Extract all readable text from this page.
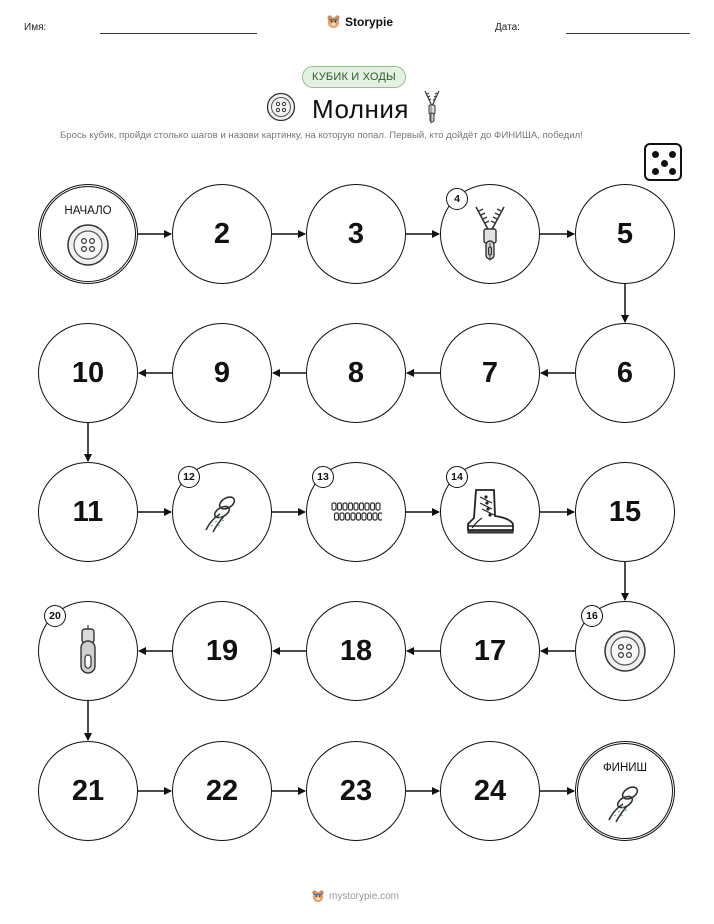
Имя:	Storypie	Дата:
КУБИК И ХОДЫ
Молния
Брось кубик, пройди столько шагов и назови картинку, на которую попал. Первый, кто дойдёт до ФИНИША, победил!
НАЧАЛО
2	3
4
5
6
7
8
9
10
11
12	13	14
15
16
17
18
19
20
21	22	23	24
ФИНИШ
mystorypie.com
